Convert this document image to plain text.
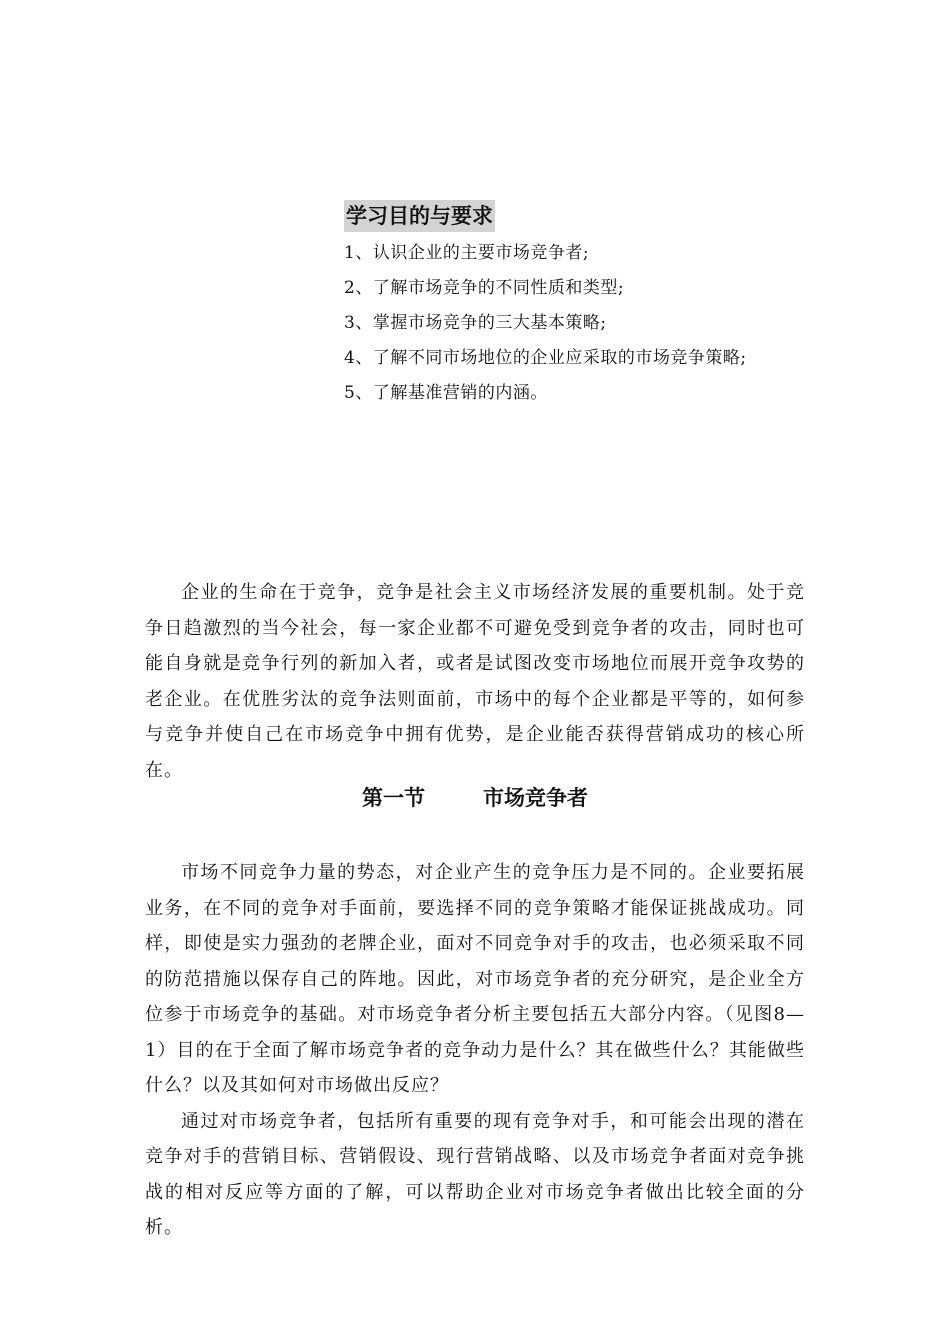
学习目的与要求
1、认识企业的主要市场竞争者;
2、了解市场竞争的不同性质和类型;
3、掌握市场竞争的三大基本策略;
4、了解不同市场地位的企业应采取的市场竞争策略;
5、了解基准营销的内涵。

企业的生命在于竞争，竞争是社会主义市场经济发展的重要机制。处于竞争日趋激烈的当今社会，每一家企业都不可避免受到竞争者的攻击，同时也可能自身就是竞争行列的新加入者，或者是试图改变市场地位而展开竞争攻势的老企业。在优胜劣汰的竞争法则面前，市场中的每个企业都是平等的，如何参与竞争并使自己在市场竞争中拥有优势，是企业能否获得营销成功的核心所在。

第一节	市场竞争者

市场不同竞争力量的势态，对企业产生的竞争压力是不同的。企业要拓展业务，在不同的竞争对手面前，要选择不同的竞争策略才能保证挑战成功。同样，即使是实力强劲的老牌企业，面对不同竞争对手的攻击，也必须采取不同的防范措施以保存自己的阵地。因此，对市场竞争者的充分研究，是企业全方位参于市场竞争的基础。对市场竞争者分析主要包括五大部分内容。（见图8—1）目的在于全面了解市场竞争者的竞争动力是什么？其在做些什么？其能做些什么？以及其如何对市场做出反应？

通过对市场竞争者，包括所有重要的现有竞争对手，和可能会出现的潜在竞争对手的营销目标、营销假设、现行营销战略、以及市场竞争者面对竞争挑战的相对反应等方面的了解，可以帮助企业对市场竞争者做出比较全面的分析。
